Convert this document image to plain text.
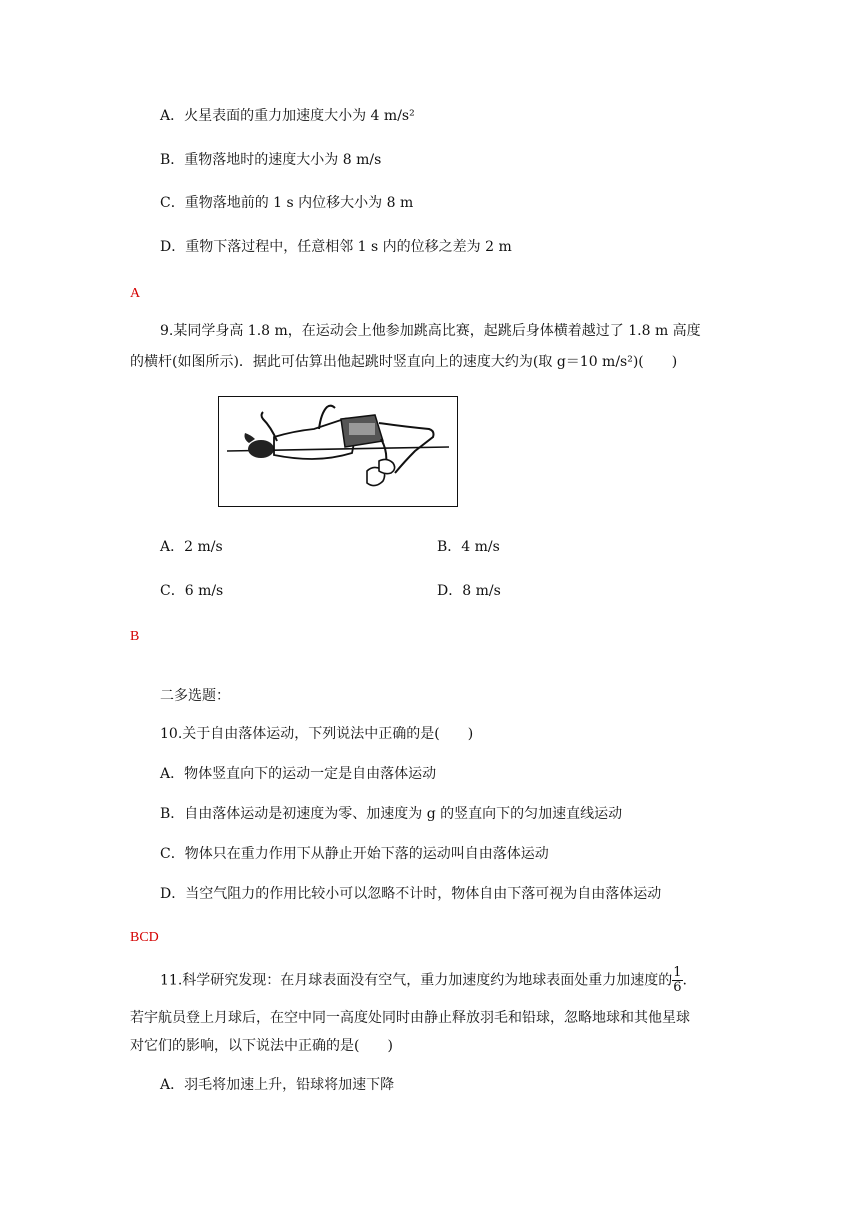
A．火星表面的重力加速度大小为 4 m/s²
B．重物落地时的速度大小为 8 m/s
C．重物落地前的 1 s 内位移大小为 8 m
D．重物下落过程中，任意相邻 1 s 内的位移之差为 2 m
A
9.某同学身高 1.8 m，在运动会上他参加跳高比赛，起跳后身体横着越过了 1.8 m 高度
的横杆(如图所示)．据此可估算出他起跳时竖直向上的速度大约为(取 g＝10 m/s²)(　　)
A．2 m/s	B．4 m/s
C．6 m/s	D．8 m/s
B
二多选题：
10.关于自由落体运动，下列说法中正确的是(　　)
A．物体竖直向下的运动一定是自由落体运动
B．自由落体运动是初速度为零、加速度为 g 的竖直向下的匀加速直线运动
C．物体只在重力作用下从静止开始下落的运动叫自由落体运动
D．当空气阻力的作用比较小可以忽略不计时，物体自由下落可视为自由落体运动
BCD
11.科学研究发现：在月球表面没有空气，重力加速度约为地球表面处重力加速度的 $\frac{1}{6}$ .
若宇航员登上月球后，在空中同一高度处同时由静止释放羽毛和铅球，忽略地球和其他星球
对它们的影响，以下说法中正确的是(　　)
A．羽毛将加速上升，铅球将加速下降
